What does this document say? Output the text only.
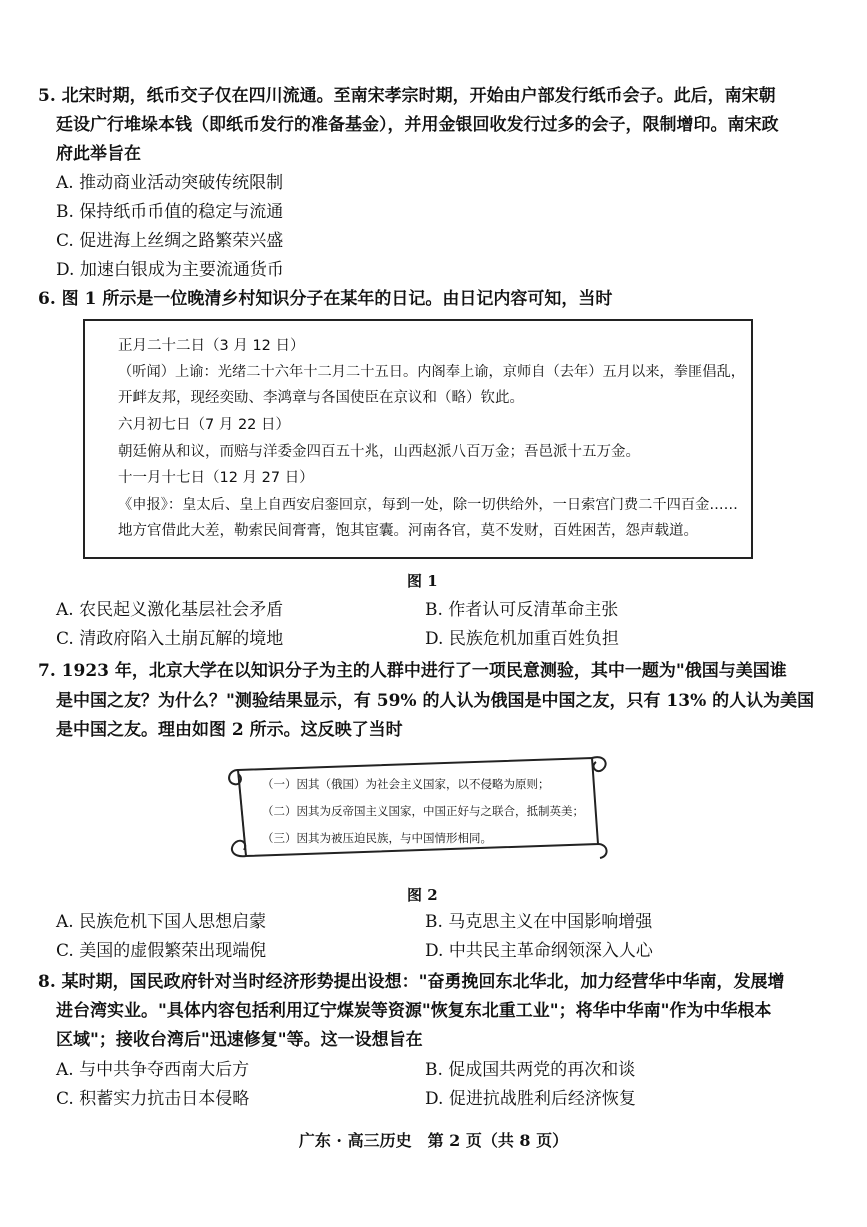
5. 北宋时期，纸币交子仅在四川流通。至南宋孝宗时期，开始由户部发行纸币会子。此后，南宋朝
廷设广行堆垛本钱（即纸币发行的准备基金），并用金银回收发行过多的会子，限制增印。南宋政
府此举旨在
A. 推动商业活动突破传统限制
B. 保持纸币币值的稳定与流通
C. 促进海上丝绸之路繁荣兴盛
D. 加速白银成为主要流通货币
6. 图 1 所示是一位晚清乡村知识分子在某年的日记。由日记内容可知，当时
正月二十二日（3 月 12 日）
（听闻）上谕：光绪二十六年十二月二十五日。内阁奉上谕，京师自（去年）五月以来，拳匪倡乱，
开衅友邦，现经奕劻、李鸿章与各国使臣在京议和（略）钦此。
六月初七日（7 月 22 日）
朝廷俯从和议，而赔与洋委金四百五十兆，山西赵派八百万金；吾邑派十五万金。
十一月十七日（12 月 27 日）
《申报》：皇太后、皇上自西安启銮回京，每到一处，除一切供给外，一日索宫门费二千四百金……
地方官借此大差，勒索民间膏膏，饱其宦囊。河南各官，莫不发财，百姓困苦，怨声载道。
图 1
A. 农民起义激化基层社会矛盾	B. 作者认可反清革命主张
C. 清政府陷入土崩瓦解的境地	D. 民族危机加重百姓负担
7. 1923 年，北京大学在以知识分子为主的人群中进行了一项民意测验，其中一题为"俄国与美国谁
是中国之友？为什么？"测验结果显示，有 59% 的人认为俄国是中国之友，只有 13% 的人认为美国
是中国之友。理由如图 2 所示。这反映了当时
（一）因其（俄国）为社会主义国家，以不侵略为原则；
（二）因其为反帝国主义国家，中国正好与之联合，抵制英美；
（三）因其为被压迫民族，与中国情形相同。
图 2
A. 民族危机下国人思想启蒙	B. 马克思主义在中国影响增强
C. 美国的虚假繁荣出现端倪	D. 中共民主革命纲领深入人心
8. 某时期，国民政府针对当时经济形势提出设想："奋勇挽回东北华北，加力经营华中华南，发展增
进台湾实业。"具体内容包括利用辽宁煤炭等资源"恢复东北重工业"；将华中华南"作为中华根本
区域"；接收台湾后"迅速修复"等。这一设想旨在
A. 与中共争夺西南大后方	B. 促成国共两党的再次和谈
C. 积蓄实力抗击日本侵略	D. 促进抗战胜利后经济恢复
广东 · 高三历史　第 2 页（共 8 页）
